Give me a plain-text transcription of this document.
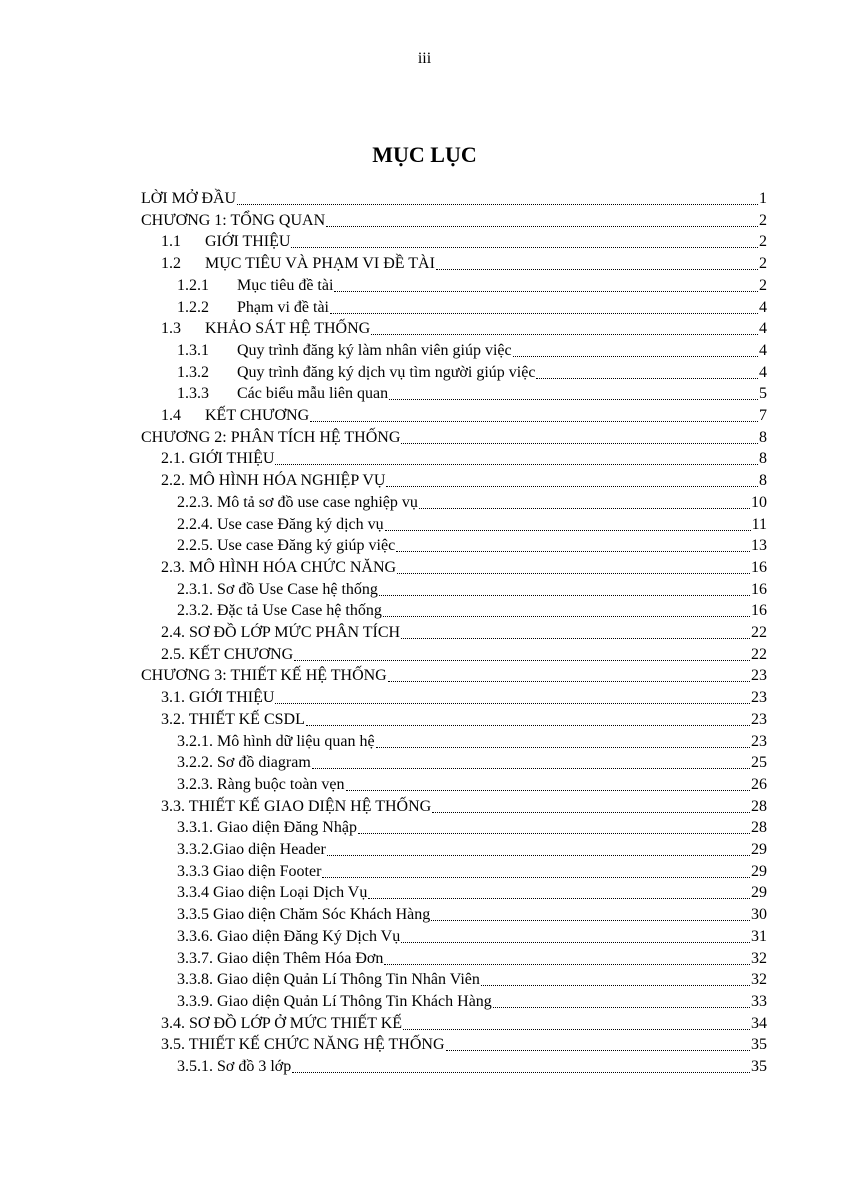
iii
MỤC LỤC
LỜI MỞ ĐẦU	1
CHƯƠNG 1: TỔNG QUAN	2
1.1	GIỚI THIỆU	2
1.2	MỤC TIÊU VÀ PHẠM VI ĐỀ TÀI	2
1.2.1	Mục tiêu đề tài	2
1.2.2	Phạm vi đề tài	4
1.3	KHẢO SÁT HỆ THỐNG	4
1.3.1	Quy trình đăng ký làm nhân viên giúp việc	4
1.3.2	Quy trình đăng ký dịch vụ tìm người giúp việc	4
1.3.3	Các biểu mẫu liên quan	5
1.4	KẾT CHƯƠNG	7
CHƯƠNG 2: PHÂN TÍCH HỆ THỐNG	8
2.1. GIỚI THIỆU	8
2.2. MÔ HÌNH HÓA NGHIỆP VỤ	8
2.2.3. Mô tả sơ đồ use case nghiệp vụ	10
2.2.4. Use case Đăng ký dịch vụ	11
2.2.5. Use case Đăng ký giúp việc	13
2.3. MÔ HÌNH HÓA CHỨC NĂNG	16
2.3.1. Sơ đồ Use Case hệ thống	16
2.3.2. Đặc tả Use Case hệ thống	16
2.4. SƠ ĐỒ LỚP MỨC PHÂN TÍCH	22
2.5. KẾT CHƯƠNG	22
CHƯƠNG 3: THIẾT KẾ HỆ THỐNG	23
3.1. GIỚI THIỆU	23
3.2. THIẾT KẾ CSDL	23
3.2.1. Mô hình dữ liệu quan hệ	23
3.2.2. Sơ đồ diagram	25
3.2.3. Ràng buộc toàn vẹn	26
3.3. THIẾT KẾ GIAO DIỆN HỆ THỐNG	28
3.3.1. Giao diện Đăng Nhập	28
3.3.2.Giao diện Header	29
3.3.3 Giao diện Footer	29
3.3.4 Giao diện Loại Dịch Vụ	29
3.3.5 Giao diện Chăm Sóc Khách Hàng	30
3.3.6. Giao diện Đăng Ký Dịch Vụ	31
3.3.7. Giao diện Thêm Hóa Đơn	32
3.3.8. Giao diện Quản Lí Thông Tin Nhân Viên	32
3.3.9. Giao diện Quản Lí Thông Tin Khách Hàng	33
3.4. SƠ ĐỒ LỚP Ở MỨC THIẾT KẾ	34
3.5. THIẾT KẾ CHỨC NĂNG HỆ THỐNG	35
3.5.1. Sơ đồ 3 lớp	35
